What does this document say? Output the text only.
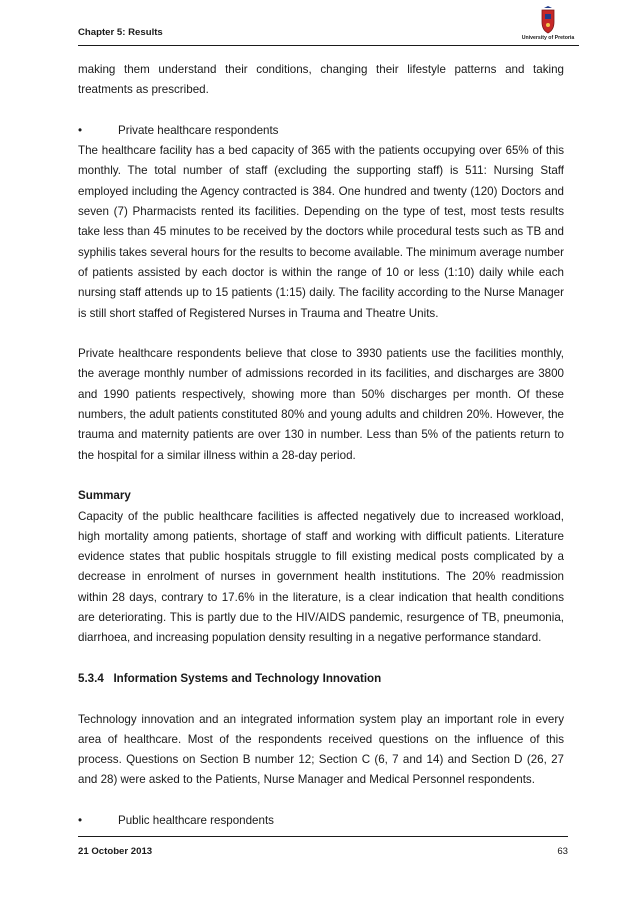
Chapter 5: Results	University of Pretoria

making them understand their conditions, changing their lifestyle patterns and taking treatments as prescribed.

•	Private healthcare respondents

The healthcare facility has a bed capacity of 365 with the patients occupying over 65% of this monthly. The total number of staff (excluding the supporting staff) is 511: Nursing Staff employed including the Agency contracted is 384. One hundred and twenty (120) Doctors and seven (7) Pharmacists rented its facilities. Depending on the type of test, most tests results take less than 45 minutes to be received by the doctors while procedural tests such as TB and syphilis takes several hours for the results to become available. The minimum average number of patients assisted by each doctor is within the range of 10 or less (1:10) daily while each nursing staff attends up to 15 patients (1:15) daily. The facility according to the Nurse Manager is still short staffed of Registered Nurses in Trauma and Theatre Units.

Private healthcare respondents believe that close to 3930 patients use the facilities monthly, the average monthly number of admissions recorded in its facilities, and discharges are 3800 and 1990 patients respectively, showing more than 50% discharges per month. Of these numbers, the adult patients constituted 80% and young adults and children 20%. However, the trauma and maternity patients are over 130 in number. Less than 5% of the patients return to the hospital for a similar illness within a 28-day period.

Summary

Capacity of the public healthcare facilities is affected negatively due to increased workload, high mortality among patients, shortage of staff and working with difficult patients. Literature evidence states that public hospitals struggle to fill existing medical posts complicated by a decrease in enrolment of nurses in government health institutions. The 20% readmission within 28 days, contrary to 17.6% in the literature, is a clear indication that health conditions are deteriorating. This is partly due to the HIV/AIDS pandemic, resurgence of TB, pneumonia, diarrhoea, and increasing population density resulting in a negative performance standard.

5.3.4   Information Systems and Technology Innovation

Technology innovation and an integrated information system play an important role in every area of healthcare. Most of the respondents received questions on the influence of this process. Questions on Section B number 12; Section C (6, 7 and 14) and Section D (26, 27 and 28) were asked to the Patients, Nurse Manager and Medical Personnel respondents.

•	Public healthcare respondents
21 October 2013	63
